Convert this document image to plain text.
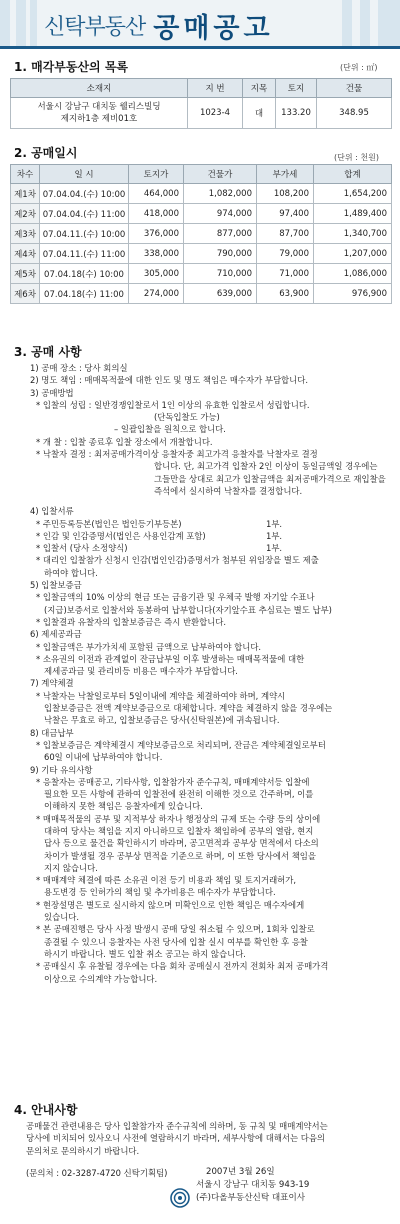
신탁부동산 공매공고
1. 매각부동산의 목록	(단위 : ㎡)
소재지	지 번	지목	토지	건물

서울시 강남구 대치동 웰리스빌딩
제지하1층 제비01호	1023-4	대	133.20	348.95
2. 공매일시	(단위 : 천원)
차수	일 시	토지가	건물가	부가세	합계
제1차	07.04.04.(수) 10:00	464,000	1,082,000	108,200	1,654,200
제2차	07.04.04.(수) 11:00	418,000	974,000	97,400	1,489,400
제3차	07.04.11.(수) 10:00	376,000	877,000	87,700	1,340,700
제4차	07.04.11.(수) 11:00	338,000	790,000	79,000	1,207,000
제5차	07.04.18(수) 10:00	305,000	710,000	71,000	1,086,000
제6차	07.04.18(수) 11:00	274,000	639,000	63,900	976,900
3. 공매 사항
1) 공매 장소 : 당사 회의실
2) 명도 책임 : 매매목적물에 대한 인도 및 명도 책임은 매수자가 부담합니다.
3) 공매방법
* 입찰의 성립 : 일반경쟁입찰로서 1인 이상의 유효한 입찰로서 성립합니다.
(단독입찰도 가능)
– 일괄입찰을 원칙으로 합니다.
* 개 찰 : 입찰 종료후 입찰 장소에서 개찰합니다.
* 낙찰자 결정 : 최저공매가격이상 응찰자중 최고가격 응찰자를 낙찰자로 결정
합니다. 단, 최고가격 입찰자 2인 이상이 동일금액일 경우에는
그들만을 상대로 최고가 입찰금액을 최저공매가격으로 재입찰을
즉석에서 실시하여 낙찰자를 결정합니다.
4) 입찰서류
* 주민등록등본(법인은 법인등기부등본)	1부.
* 인감 및 인감증명서(법인은 사용인감계 포함)	1부.
* 입찰서 (당사 소정양식)	1부.
* 대리인 입찰참가 신청시 인감(법인인감)증명서가 첨부된 위임장을 별도 제출
하여야 합니다.
5) 입찰보증금
* 입찰금액의 10% 이상의 현금 또는 금융기관 및 우체국 발행 자기앞 수표나
(지급)보증서로 입찰서와 동봉하여 납부합니다(자기앞수표 추심료는 별도 납부)
* 입찰결과 유찰자의 입찰보증금은 즉시 반환합니다.
6) 제세공과금
* 입찰금액은 부가가치세 포함된 금액으로 납부하여야 합니다.
* 소유권의 이전과 관계없이 잔금납부일 이후 발생하는 매매목적물에 대한
제세공과금 및 관리비등 비용은 매수자가 부담합니다.
7) 계약체결
* 낙찰자는 낙찰일로부터 5일이내에 계약을 체결하여야 하며, 계약시
입찰보증금은 전액 계약보증금으로 대체합니다. 계약을 체결하지 않을 경우에는
낙찰은 무효로 하고, 입찰보증금은 당사(신탁원본)에 귀속됩니다.
8) 대금납부
* 입찰보증금은 계약체결시 계약보증금으로 처리되며, 잔금은 계약체결일로부터
60일 이내에 납부하여야 합니다.
9) 기타 유의사항
* 응찰자는 공매공고, 기타사항, 입찰참가자 준수규칙, 매매계약서등 입찰에
필요한 모든 사항에 관하여 입찰전에 완전히 이해한 것으로 간주하며, 이를
이해하지 못한 책임은 응찰자에게 있습니다.
* 매매목적물의 공부 및 지적부상 하자나 행정상의 규제 또는 수량 등의 상이에
대하여 당사는 책임을 지지 아니하므로 입찰자 책임하에 공부의 열람, 현지
답사 등으로 물건을 확인하시기 바라며, 공고면적과 공부상 면적에서 다소의
차이가 발생될 경우 공부상 면적을 기준으로 하며, 이 또한 당사에서 책임을
지지 않습니다.
* 매매계약 체결에 따른 소유권 이전 등기 비용과 책임 및 토지거래허가,
용도변경 등 인허가의 책임 및 추가비용은 매수자가 부담합니다.
* 현장설명은 별도로 실시하지 않으며 미확인으로 인한 책임은 매수자에게
있습니다.
* 본 공매진행은 당사 사정 발생시 공매 당일 취소될 수 있으며, 1회차 입찰로
종결될 수 있으니 응찰자는 사전 당사에 입찰 실시 여부를 확인한 후 응찰
하시기 바랍니다. 별도 입찰 취소 공고는 하지 않습니다.
* 공매실시 후 유찰될 경우에는 다음 회차 공매실시 전까지 전회차 최저 공매가격
이상으로 수의계약 가능합니다.
4. 안내사항
공매물건 관련내용은 당사 입찰참가자 준수규칙에 의하며, 동 규칙 및 매매계약서는
당사에 비치되어 있사오니 사전에 열람하시기 바라며, 세부사항에 대해서는 다음의
문의처로 문의하시기 바랍니다.
(문의처 : 02-3287-4720 신탁기획팀)	2007년 3월 26일
서울시 강남구 대치동 943-19
(주)다올부동산신탁 대표이사
